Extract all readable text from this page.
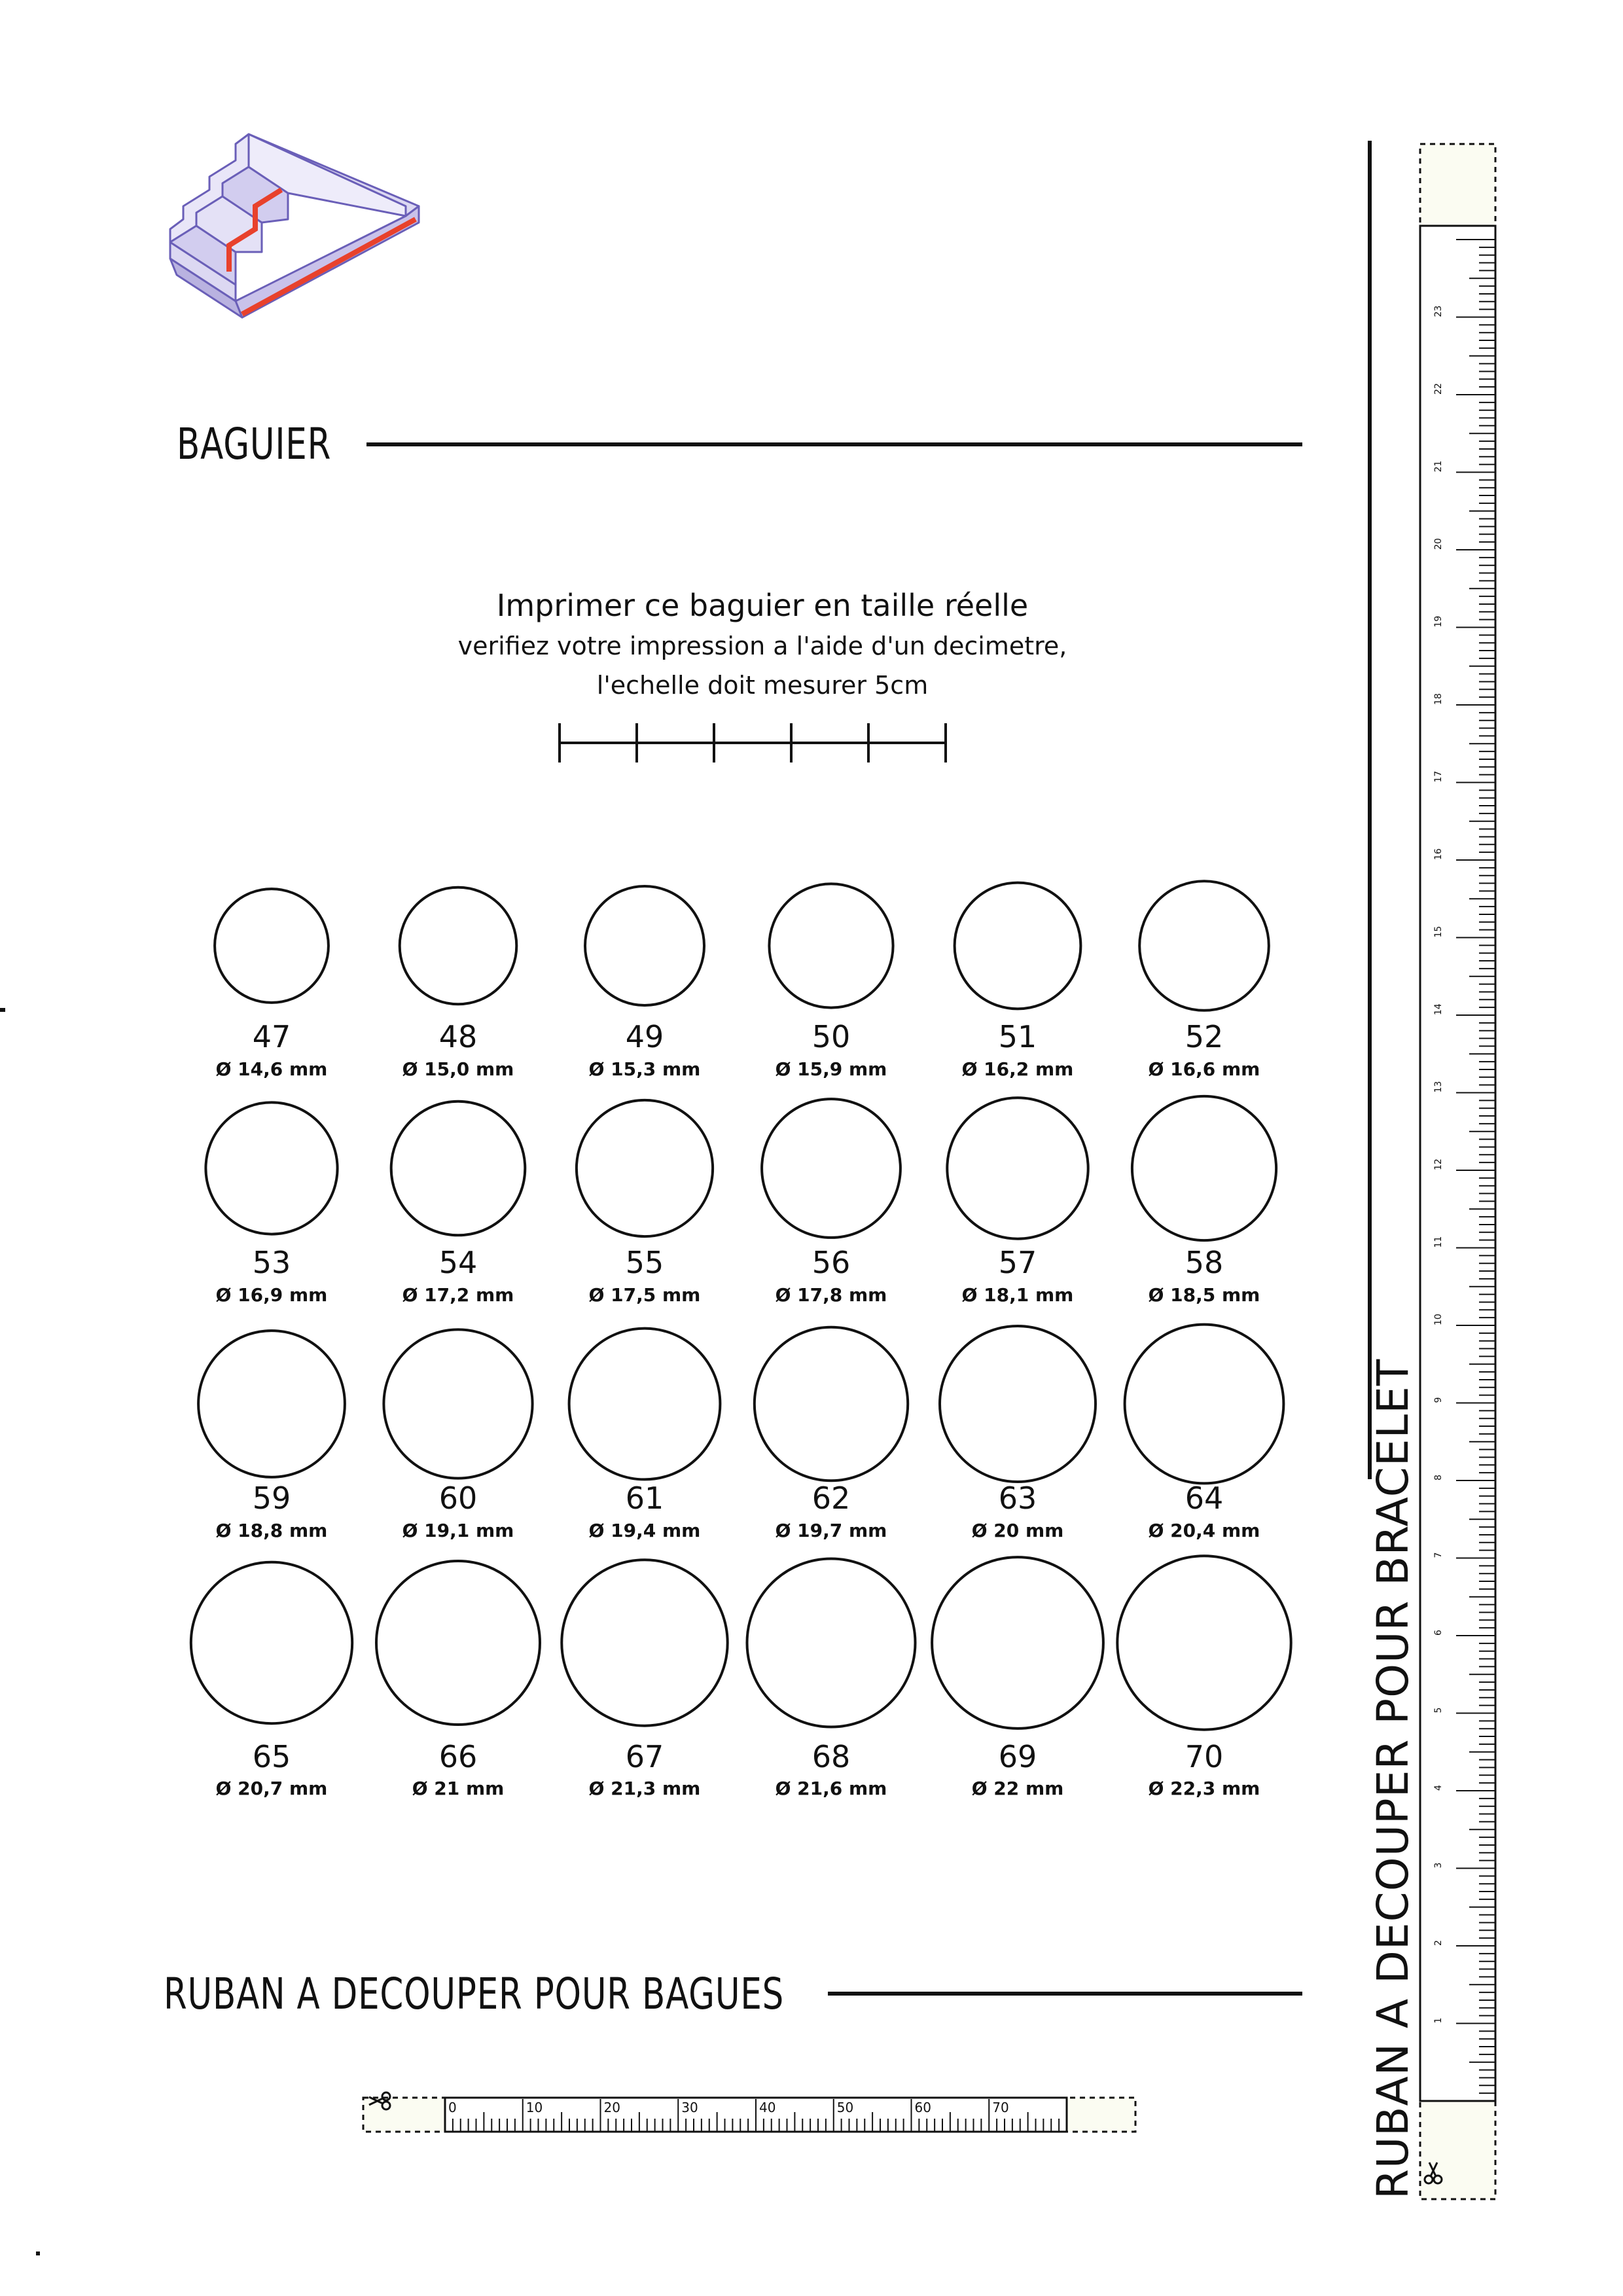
BAGUIER
Imprimer ce baguier en taille réelle
verifiez votre impression a l'aide d'un decimetre,
l'echelle doit mesurer 5cm
47
Ø 14,6 mm
48
Ø 15,0 mm
49
Ø 15,3 mm
50
Ø 15,9 mm
51
Ø 16,2 mm
52
Ø 16,6 mm
53
Ø 16,9 mm
54
Ø 17,2 mm
55
Ø 17,5 mm
56
Ø 17,8 mm
57
Ø 18,1 mm
58
Ø 18,5 mm
59
Ø 18,8 mm
60
Ø 19,1 mm
61
Ø 19,4 mm
62
Ø 19,7 mm
63
Ø 20 mm
64
Ø 20,4 mm
65
Ø 20,7 mm
66
Ø 21 mm
67
Ø 21,3 mm
68
Ø 21,6 mm
69
Ø 22 mm
70
Ø 22,3 mm
RUBAN A DECOUPER POUR BAGUES
0	10	20	30	40	50	60	70	RUBAN A DECOUPER POUR BRACELET 1
2
3
4
5
6
7
8
9
10
11
12
13
14
15
16
17
18
19
20
21
22
23
